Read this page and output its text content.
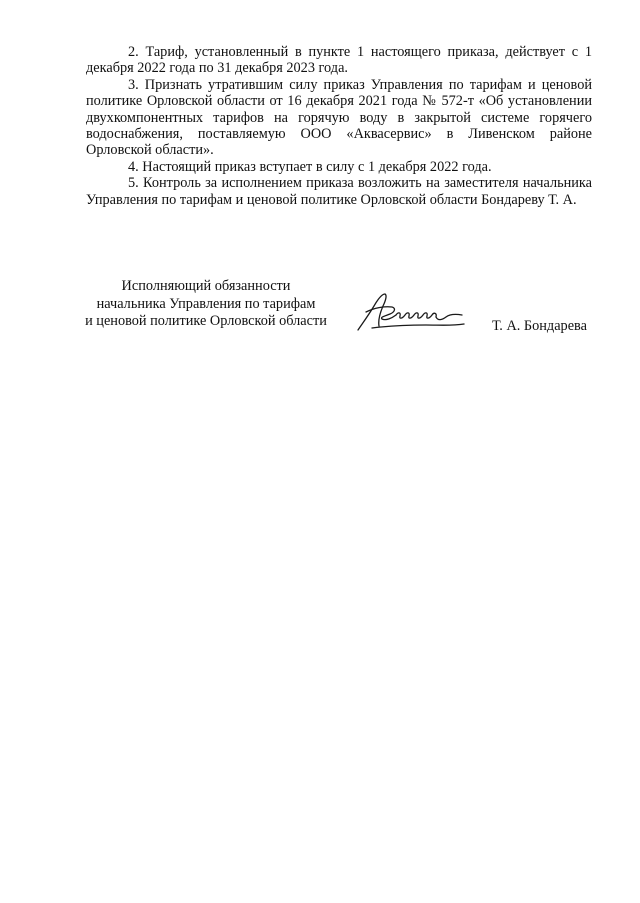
2. Тариф, установленный в пункте 1 настоящего приказа, действует с 1 декабря 2022 года по 31 декабря 2023 года.

3. Признать утратившим силу приказ Управления по тарифам и ценовой политике Орловской области от 16 декабря 2021 года № 572-т «Об установлении двухкомпонентных тарифов на горячую воду в закрытой системе горячего водоснабжения, поставляемую ООО «Аквасервис» в Ливенском районе Орловской области».

4. Настоящий приказ вступает в силу с 1 декабря 2022 года.

5. Контроль за исполнением приказа возложить на заместителя начальника Управления по тарифам и ценовой политике Орловской области Бондареву Т. А.

Исполняющий обязанности
начальника Управления по тарифам
и ценовой политике Орловской области	Т. А. Бондарева
